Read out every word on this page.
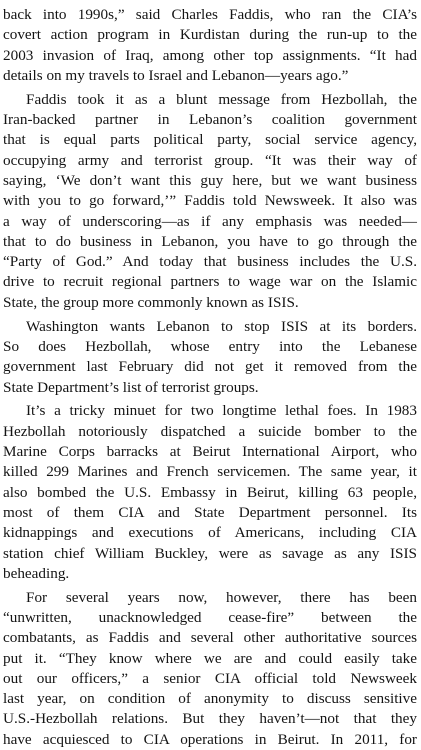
back into 1990s,” said Charles Faddis, who ran the CIA’s
covert action program in Kurdistan during the run-up to the
2003 invasion of Iraq, among other top assignments. “It had
details on my travels to Israel and Lebanon—years ago.”
Faddis took it as a blunt message from Hezbollah, the
Iran-backed partner in Lebanon’s coalition government
that is equal parts political party, social service agency,
occupying army and terrorist group. “It was their way of
saying, ‘We don’t want this guy here, but we want business
with you to go forward,’” Faddis told Newsweek. It also was
a way of underscoring—as if any emphasis was needed—
that to do business in Lebanon, you have to go through the
“Party of God.” And today that business includes the U.S.
drive to recruit regional partners to wage war on the Islamic
State, the group more commonly known as ISIS.
Washington wants Lebanon to stop ISIS at its borders.
So does Hezbollah, whose entry into the Lebanese
government last February did not get it removed from the
State Department’s list of terrorist groups.
It’s a tricky minuet for two longtime lethal foes. In 1983
Hezbollah notoriously dispatched a suicide bomber to the
Marine Corps barracks at Beirut International Airport, who
killed 299 Marines and French servicemen. The same year, it
also bombed the U.S. Embassy in Beirut, killing 63 people,
most of them CIA and State Department personnel. Its
kidnappings and executions of Americans, including CIA
station chief William Buckley, were as savage as any ISIS
beheading.
For several years now, however, there has been
“unwritten, unacknowledged cease-fire” between the
combatants, as Faddis and several other authoritative sources
put it. “They know where we are and could easily take
out our officers,” a senior CIA official told Newsweek
last year, on condition of anonymity to discuss sensitive
U.S.-Hezbollah relations. But they haven’t—not that they
have acquiesced to CIA operations in Beirut. In 2011, for
